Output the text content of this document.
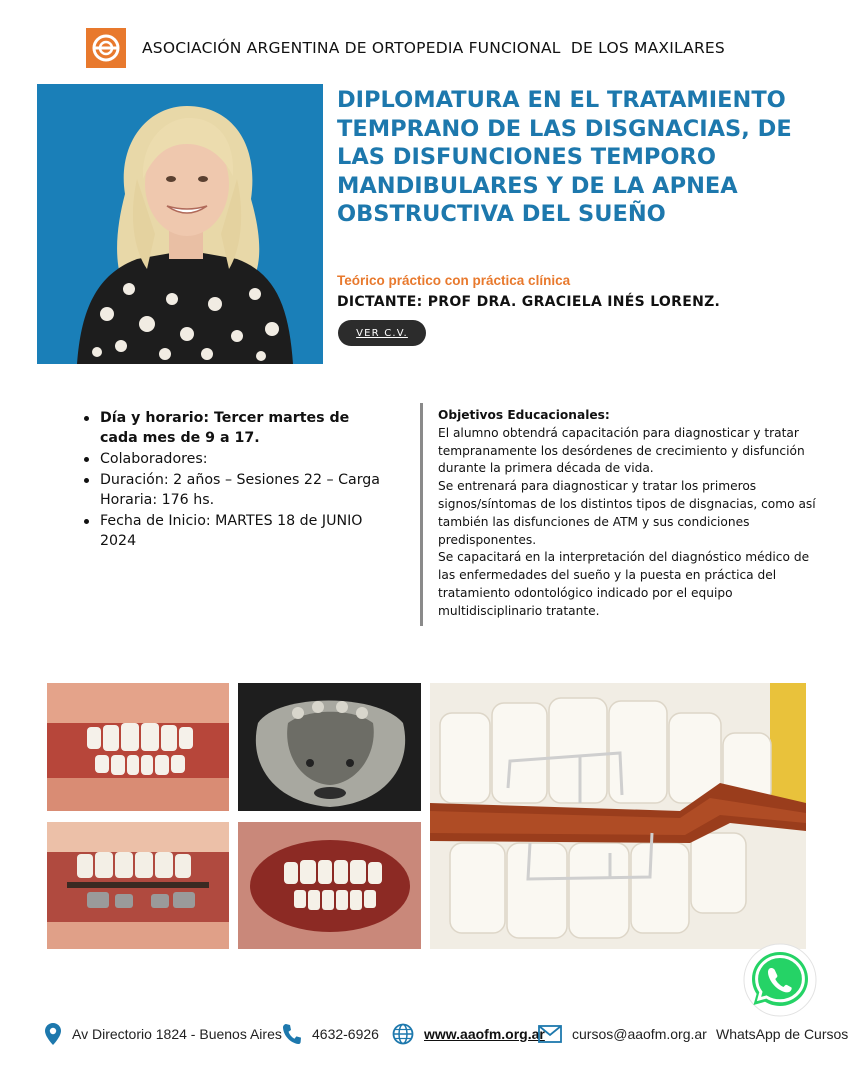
ASOCIACIÓN ARGENTINA DE ORTOPEDIA FUNCIONAL  DE LOS MAXILARES
DIPLOMATURA EN EL TRATAMIENTO TEMPRANO DE LAS DISGNACIAS, DE LAS DISFUNCIONES TEMPORO MANDIBULARES Y DE LA APNEA OBSTRUCTIVA DEL SUEÑO
Teórico práctico con práctica clínica
DICTANTE: PROF DRA. GRACIELA INÉS LORENZ.
VER C.V.
Día y horario: Tercer martes de cada mes de 9 a 17.
Colaboradores:
Duración: 2 años – Sesiones 22 – Carga Horaria: 176 hs.
Fecha de Inicio: MARTES 18 de JUNIO 2024
Objetivos Educacionales:

El alumno obtendrá capacitación para diagnosticar y tratar tempranamente los desórdenes de crecimiento y disfunción durante la primera década de vida.
Se entrenará para diagnosticar y tratar los primeros signos/síntomas de los distintos tipos de disgnacias, como así también las disfunciones de ATM y sus condiciones predisponentes.
Se capacitará en la interpretación del diagnóstico médico de las enfermedades del sueño y la puesta en práctica del tratamiento odontológico indicado por el equipo multidisciplinario tratante.

Av Directorio 1824 - Buenos Aires 4632-6926	www.aaofm.org.ar cursos@aaofm.org.ar WhatsApp de Cursos
